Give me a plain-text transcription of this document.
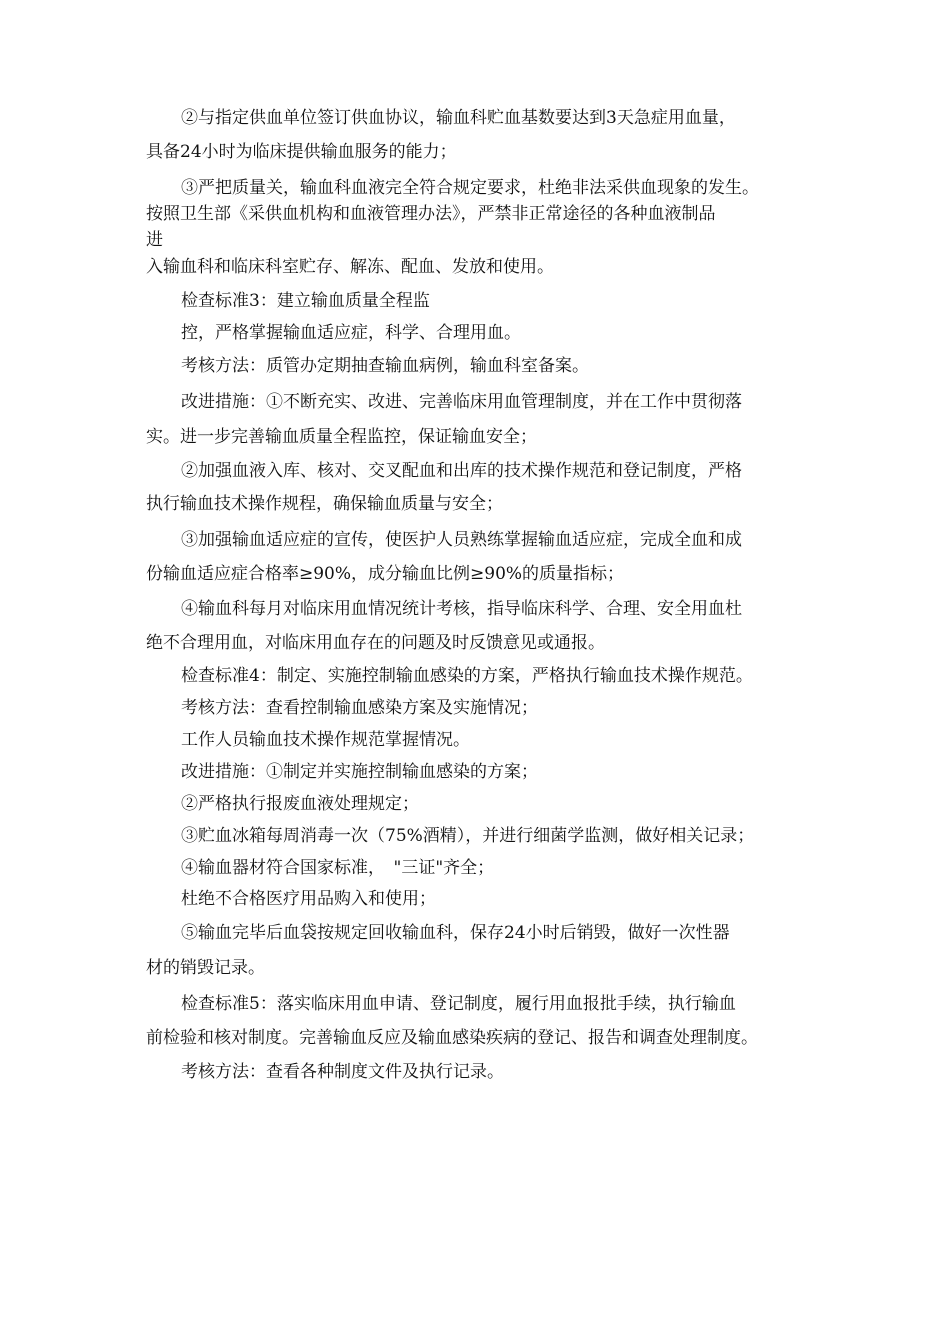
②与指定供血单位签订供血协议，输血科贮血基数要达到3天急症用血量，
具备24小时为临床提供输血服务的能力；
③严把质量关，输血科血液完全符合规定要求，杜绝非法采供血现象的发生。
按照卫生部《采供血机构和血液管理办法》，严禁非正常途径的各种血液制品
进
入输血科和临床科室贮存、解冻、配血、发放和使用。
检查标准3：建立输血质量全程监
控，严格掌握输血适应症，科学、合理用血。
考核方法：质管办定期抽查输血病例，输血科室备案。
改进措施：①不断充实、改进、完善临床用血管理制度，并在工作中贯彻落
实。进一步完善输血质量全程监控，保证输血安全；
②加强血液入库、核对、交叉配血和出库的技术操作规范和登记制度，严格
执行输血技术操作规程，确保输血质量与安全；
③加强输血适应症的宣传，使医护人员熟练掌握输血适应症，完成全血和成
份输血适应症合格率≥90%，成分输血比例≥90%的质量指标；
④输血科每月对临床用血情况统计考核，指导临床科学、合理、安全用血杜
绝不合理用血，对临床用血存在的问题及时反馈意见或通报。
检查标准4：制定、实施控制输血感染的方案，严格执行输血技术操作规范。
考核方法：查看控制输血感染方案及实施情况；
工作人员输血技术操作规范掌握情况。
改进措施：①制定并实施控制输血感染的方案；
②严格执行报废血液处理规定；
③贮血冰箱每周消毒一次（75%酒精），并进行细菌学监测，做好相关记录；
④输血器材符合国家标准，　"三证"齐全；
杜绝不合格医疗用品购入和使用；
⑤输血完毕后血袋按规定回收输血科，保存24小时后销毁，做好一次性器
材的销毁记录。
检查标准5：落实临床用血申请、登记制度，履行用血报批手续，执行输血
前检验和核对制度。完善输血反应及输血感染疾病的登记、报告和调查处理制度。
考核方法：查看各种制度文件及执行记录。
